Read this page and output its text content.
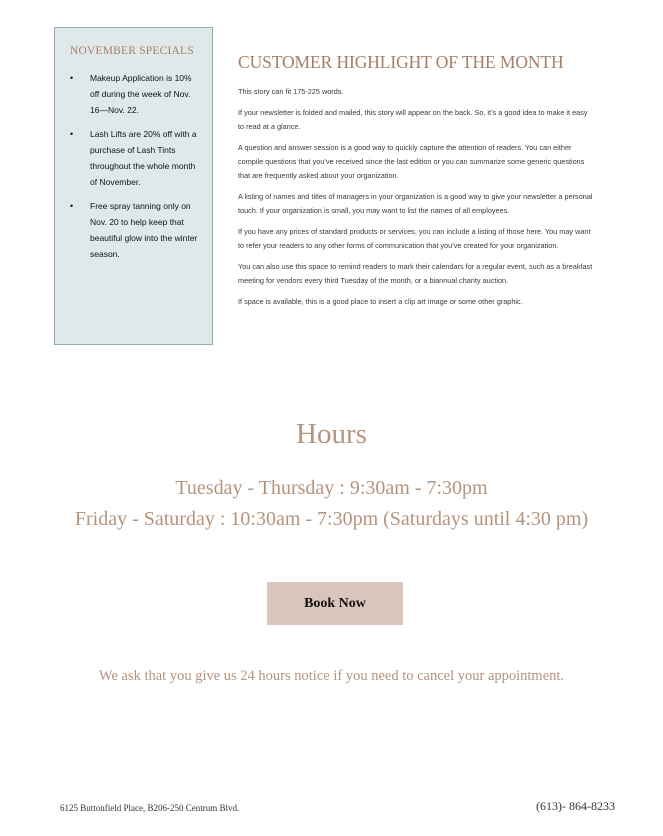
NOVEMBER SPECIALS
• Makeup Application is 10% off during the week of Nov. 16—Nov. 22.
• Lash Lifts are 20% off with a purchase of Lash Tints throughout the whole month of November.
• Free spray tanning only on Nov. 20 to help keep that beautiful glow into the winter season.
CUSTOMER HIGHLIGHT OF THE MONTH

This story can fit 175-225 words.

If your newsletter is folded and mailed, this story will appear on the back. So, it’s a good idea to make it easy to read at a glance.

A question and answer session is a good way to quickly capture the attention of readers. You can either compile questions that you’ve received since the last edition or you can summarize some generic questions that are frequently asked about your organization.

A listing of names and titles of managers in your organization is a good way to give your newsletter a personal touch. If your organization is small, you may want to list the names of all employees.

If you have any prices of standard products or services, you can include a listing of those here. You may want to refer your readers to any other forms of communication that you’ve created for your organization.

You can also use this space to remind readers to mark their calendars for a regular event, such as a breakfast meeting for vendors every third Tuesday of the month, or a biannual charity auction.

If space is available, this is a good place to insert a clip art image or some other graphic.

Hours
Tuesday - Thursday : 9:30am - 7:30pm
Friday - Saturday : 10:30am - 7:30pm (Saturdays until 4:30 pm)
Book Now
We ask that you give us 24 hours notice if you need to cancel your appointment.
6125 Buttonfield Place, B206-250 Centrum Blvd.	(613)- 864-8233
